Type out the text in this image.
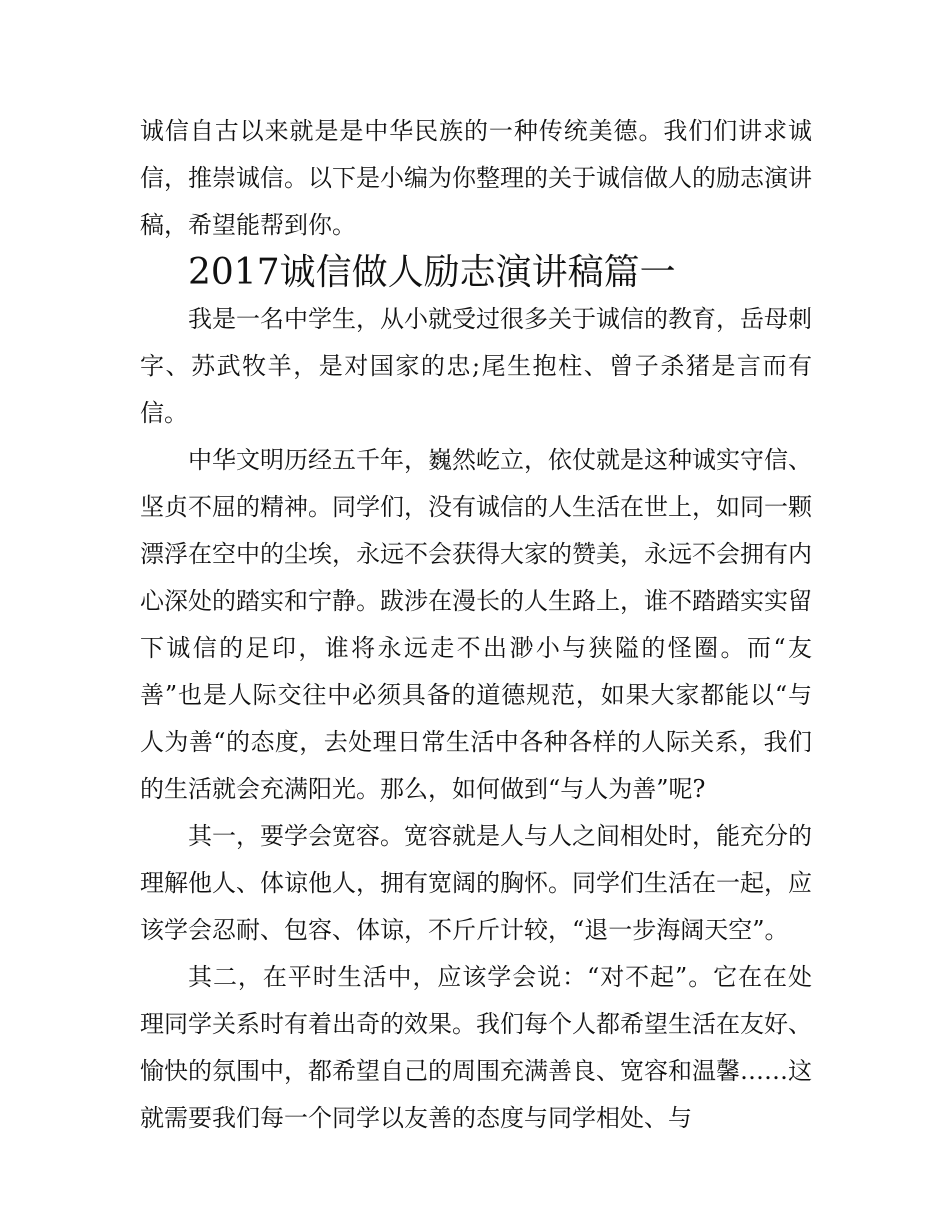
诚信自古以来就是是中华民族的一种传统美德。我们们讲求诚信，推崇诚信。以下是小编为你整理的关于诚信做人的励志演讲稿，希望能帮到你。

2017诚信做人励志演讲稿篇一

我是一名中学生，从小就受过很多关于诚信的教育，岳母刺字、苏武牧羊，是对国家的忠;尾生抱柱、曾子杀猪是言而有信。

中华文明历经五千年，巍然屹立，依仗就是这种诚实守信、坚贞不屈的精神。同学们，没有诚信的人生活在世上，如同一颗漂浮在空中的尘埃，永远不会获得大家的赞美，永远不会拥有内心深处的踏实和宁静。跋涉在漫长的人生路上，谁不踏踏实实留下诚信的足印，谁将永远走不出渺小与狭隘的怪圈。而“友善”也是人际交往中必须具备的道德规范，如果大家都能以“与人为善“的态度，去处理日常生活中各种各样的人际关系，我们的生活就会充满阳光。那么，如何做到“与人为善”呢?

其一，要学会宽容。宽容就是人与人之间相处时，能充分的理解他人、体谅他人，拥有宽阔的胸怀。同学们生活在一起，应该学会忍耐、包容、体谅，不斤斤计较，“退一步海阔天空”。

其二，在平时生活中，应该学会说：“对不起”。它在在处理同学关系时有着出奇的效果。我们每个人都希望生活在友好、愉快的氛围中，都希望自己的周围充满善良、宽容和温馨……这就需要我们每一个同学以友善的态度与同学相处、与
